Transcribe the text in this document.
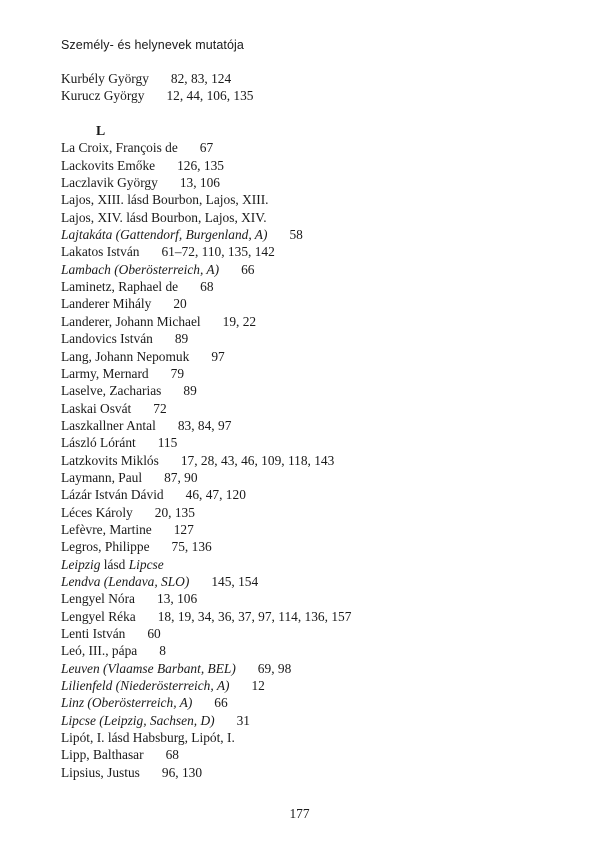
Személy- és helynevek mutatója
Kurbély György 82, 83, 124
Kurucz György 12, 44, 106, 135
L
La Croix, François de 67
Lackovits Emőke 126, 135
Laczlavik György 13, 106
Lajos, XIII. lásd Bourbon, Lajos, XIII.
Lajos, XIV. lásd Bourbon, Lajos, XIV.
Lajtakáta (Gattendorf, Burgenland, A) 58
Lakatos István 61–72, 110, 135, 142
Lambach (Oberösterreich, A) 66
Laminetz, Raphael de 68
Landerer Mihály 20
Landerer, Johann Michael 19, 22
Landovics István 89
Lang, Johann Nepomuk 97
Larmy, Mernard 79
Laselve, Zacharias 89
Laskai Osvát 72
Laszkallner Antal 83, 84, 97
László Lóránt 115
Latzkovits Miklós 17, 28, 43, 46, 109, 118, 143
Laymann, Paul 87, 90
Lázár István Dávid 46, 47, 120
Léces Károly 20, 135
Lefèvre, Martine 127
Legros, Philippe 75, 136
Leipzig lásd Lipcse
Lendva (Lendava, SLO) 145, 154
Lengyel Nóra 13, 106
Lengyel Réka 18, 19, 34, 36, 37, 97, 114, 136, 157
Lenti István 60
Leó, III., pápa 8
Leuven (Vlaamse Barbant, BEL) 69, 98
Lilienfeld (Niederösterreich, A) 12
Linz (Oberösterreich, A) 66
Lipcse (Leipzig, Sachsen, D) 31
Lipót, I. lásd Habsburg, Lipót, I.
Lipp, Balthasar 68
Lipsius, Justus 96, 130
177
